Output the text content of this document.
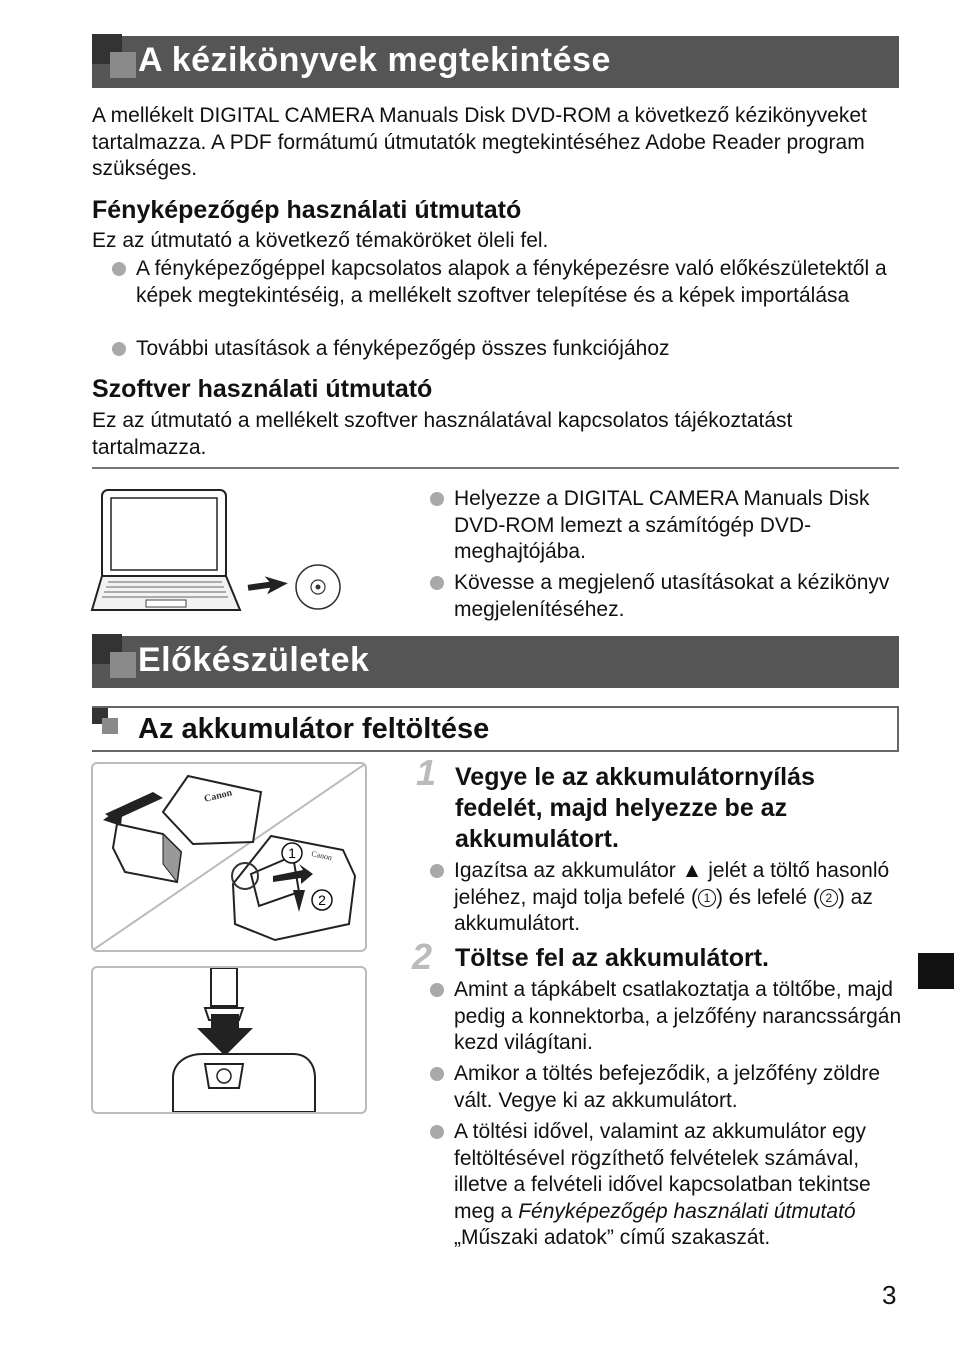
A kézikönyvek megtekintése

A mellékelt DIGITAL CAMERA Manuals Disk DVD-ROM a következő kézikönyveket tartalmazza. A PDF formátumú útmutatók megtekintéséhez Adobe Reader program szükséges.

Fényképezőgép használati útmutató

Ez az útmutató a következő témaköröket öleli fel.

A fényképezőgéppel kapcsolatos alapok a fényképezésre való előkészületektől a képek megtekintéséig, a mellékelt szoftver telepítése és a képek importálása

További utasítások a fényképezőgép összes funkciójához

Szoftver használati útmutató

Ez az útmutató a mellékelt szoftver használatával kapcsolatos tájékoztatást tartalmazza.

Helyezze a DIGITAL CAMERA Manuals Disk DVD-ROM lemezt a számítógép DVD-meghajtójába.

Kövesse a megjelenő utasításokat a kézikönyv megjelenítéséhez.

Előkészületek
Az akkumulátor feltöltése
Canon
Canon
1
2
1 Vegye le az akkumulátornyílás fedelét, majd helyezze be az akkumulátort.

Igazítsa az akkumulátor ▲ jelét a töltő hasonló jeléhez, majd tolja befelé ( 1 ) és lefelé ( 2 ) az akkumulátort.

2 Töltse fel az akkumulátort.

Amint a tápkábelt csatlakoztatja a töltőbe, majd pedig a konnektorba, a jelzőfény narancssárgán kezd világítani.

Amikor a töltés befejeződik, a jelzőfény zöldre vált. Vegye ki az akkumulátort.

A töltési idővel, valamint az akkumulátor egy feltöltésével rögzíthető felvételek számával, illetve a felvételi idővel kapcsolatban tekintse meg a Fényképezőgép használati útmutató „Műszaki adatok” című szakaszát.

3
